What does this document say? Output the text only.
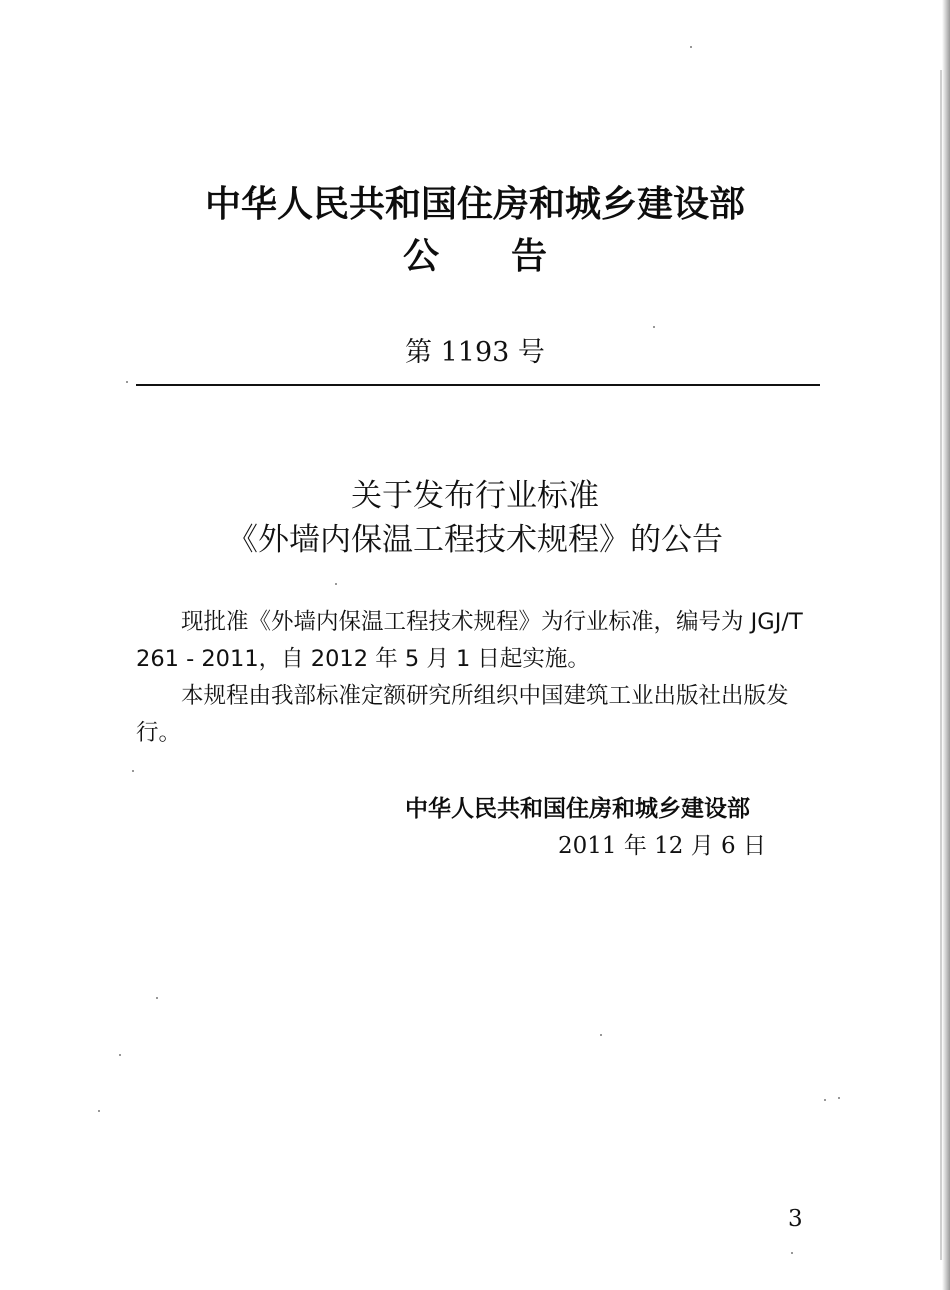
中华人民共和国住房和城乡建设部
公告
第 1193 号
关于发布行业标准
《外墙内保温工程技术规程》的公告
现批准《外墙内保温工程技术规程》为行业标准，编号为 JGJ/T 261 - 2011，自 2012 年 5 月 1 日起实施。
本规程由我部标准定额研究所组织中国建筑工业出版社出版发行。
中华人民共和国住房和城乡建设部
2011 年 12 月 6 日
3
